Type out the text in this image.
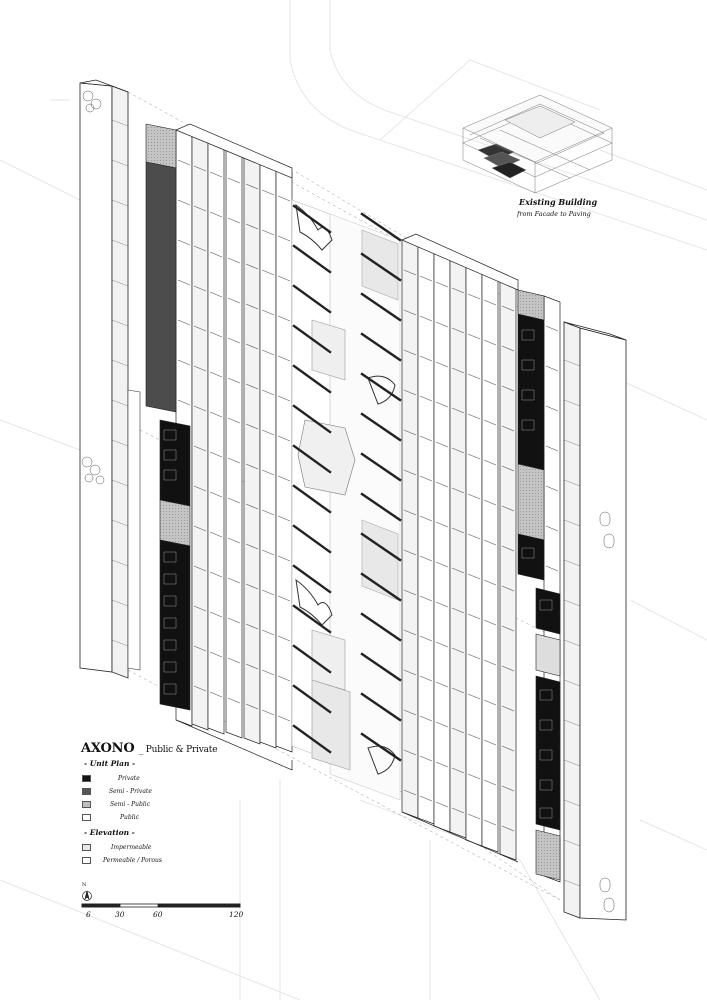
AXONO _ Public & Private
- Unit Plan -
Private
Semi - Private
Semi - Public
Public
- Elevation -
Impermeable
Permeable / Porous
Existing Building
from Facade to Paving
N
6	30	60	120
